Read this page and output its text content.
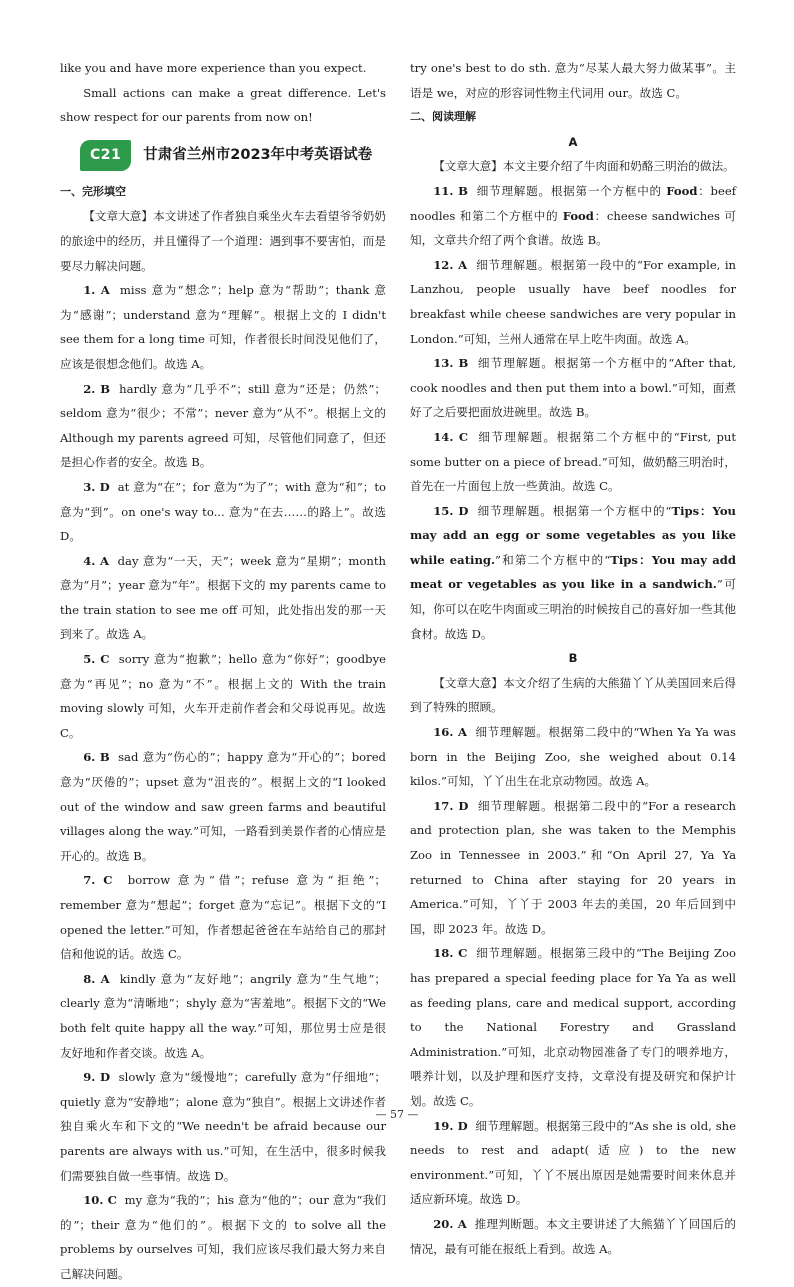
like you and have more experience than you expect.

Small actions can make a great difference. Let's show respect for our parents from now on!

C21	甘肃省兰州市2023年中考英语试卷

一、完形填空

【文章大意】本文讲述了作者独自乘坐火车去看望爷爷奶奶的旅途中的经历，并且懂得了一个道理：遇到事不要害怕，而是要尽力解决问题。

1. A miss 意为“想念”；help 意为“帮助”；thank 意为“感谢”；understand 意为“理解”。根据上文的 I didn't see them for a long time 可知，作者很长时间没见他们了，应该是很想念他们。故选 A。

2. B hardly 意为“几乎不”；still 意为“还是；仍然”；seldom 意为“很少；不常”；never 意为“从不”。根据上文的 Although my parents agreed 可知，尽管他们同意了，但还是担心作者的安全。故选 B。

3. D at 意为“在”；for 意为“为了”；with 意为“和”；to 意为“到”。on one's way to... 意为“在去……的路上”。故选 D。

4. A day 意为“一天，天”；week 意为“星期”；month 意为“月”；year 意为“年”。根据下文的 my parents came to the train station to see me off 可知，此处指出发的那一天到来了。故选 A。

5. C sorry 意为“抱歉”；hello 意为“你好”；goodbye 意为“再见”；no 意为“不”。根据上文的 With the train moving slowly 可知，火车开走前作者会和父母说再见。故选 C。

6. B sad 意为“伤心的”；happy 意为“开心的”；bored 意为“厌倦的”；upset 意为“沮丧的”。根据上文的“I looked out of the window and saw green farms and beautiful villages along the way.”可知，一路看到美景作者的心情应是开心的。故选 B。

7. C borrow 意为“借”；refuse 意为“拒绝”；remember 意为“想起”；forget 意为“忘记”。根据下文的“I opened the letter.”可知，作者想起爸爸在车站给自己的那封信和他说的话。故选 C。

8. A kindly 意为“友好地”；angrily 意为“生气地”；clearly 意为“清晰地”；shyly 意为“害羞地”。根据下文的“We both felt quite happy all the way.”可知，那位男士应是很友好地和作者交谈。故选 A。

9. D slowly 意为“缓慢地”；carefully 意为“仔细地”；quietly 意为“安静地”；alone 意为“独自”。根据上文讲述作者独自乘火车和下文的“We needn't be afraid because our parents are always with us.”可知，在生活中，很多时候我们需要独自做一些事情。故选 D。

10. C my 意为“我的”；his 意为“他的”；our 意为“我们的”；their 意为“他们的”。根据下文的 to solve all the problems by ourselves 可知，我们应该尽我们最大努力来自己解决问题。

try one's best to do sth. 意为“尽某人最大努力做某事”。主语是 we，对应的形容词性物主代词用 our。故选 C。

二、阅读理解

A

【文章大意】本文主要介绍了牛肉面和奶酪三明治的做法。

11. B 细节理解题。根据第一个方框中的 Food：beef noodles 和第二个方框中的 Food：cheese sandwiches 可知，文章共介绍了两个食谱。故选 B。

12. A 细节理解题。根据第一段中的“For example, in Lanzhou, people usually have beef noodles for breakfast while cheese sandwiches are very popular in London.”可知，兰州人通常在早上吃牛肉面。故选 A。

13. B 细节理解题。根据第一个方框中的“After that, cook noodles and then put them into a bowl.”可知，面煮好了之后要把面放进碗里。故选 B。

14. C 细节理解题。根据第二个方框中的“First, put some butter on a piece of bread.”可知，做奶酪三明治时，首先在一片面包上放一些黄油。故选 C。

15. D 细节理解题。根据第一个方框中的“Tips：You may add an egg or some vegetables as you like while eating.”和第二个方框中的“Tips：You may add meat or vegetables as you like in a sandwich.”可知，你可以在吃牛肉面或三明治的时候按自己的喜好加一些其他食材。故选 D。

B

【文章大意】本文介绍了生病的大熊猫丫丫从美国回来后得到了特殊的照顾。

16. A 细节理解题。根据第二段中的“When Ya Ya was born in the Beijing Zoo, she weighed about 0.14 kilos.”可知，丫丫出生在北京动物园。故选 A。

17. D 细节理解题。根据第二段中的“For a research and protection plan, she was taken to the Memphis Zoo in Tennessee in 2003.”和“On April 27, Ya Ya returned to China after staying for 20 years in America.”可知，丫丫于 2003 年去的美国，20 年后回到中国，即 2023 年。故选 D。

18. C 细节理解题。根据第三段中的“The Beijing Zoo has prepared a special feeding place for Ya Ya as well as feeding plans, care and medical support, according to the National Forestry and Grassland Administration.”可知，北京动物园准备了专门的喂养地方，喂养计划，以及护理和医疗支持，文章没有提及研究和保护计划。故选 C。

19. D 细节理解题。根据第三段中的“As she is old, she needs to rest and adapt(适应) to the new environment.”可知，丫丫不展出原因是她需要时间来休息并适应新环境。故选 D。

20. A 推理判断题。本文主要讲述了大熊猫丫丫回国后的情况，最有可能在报纸上看到。故选 A。

— 57 —
